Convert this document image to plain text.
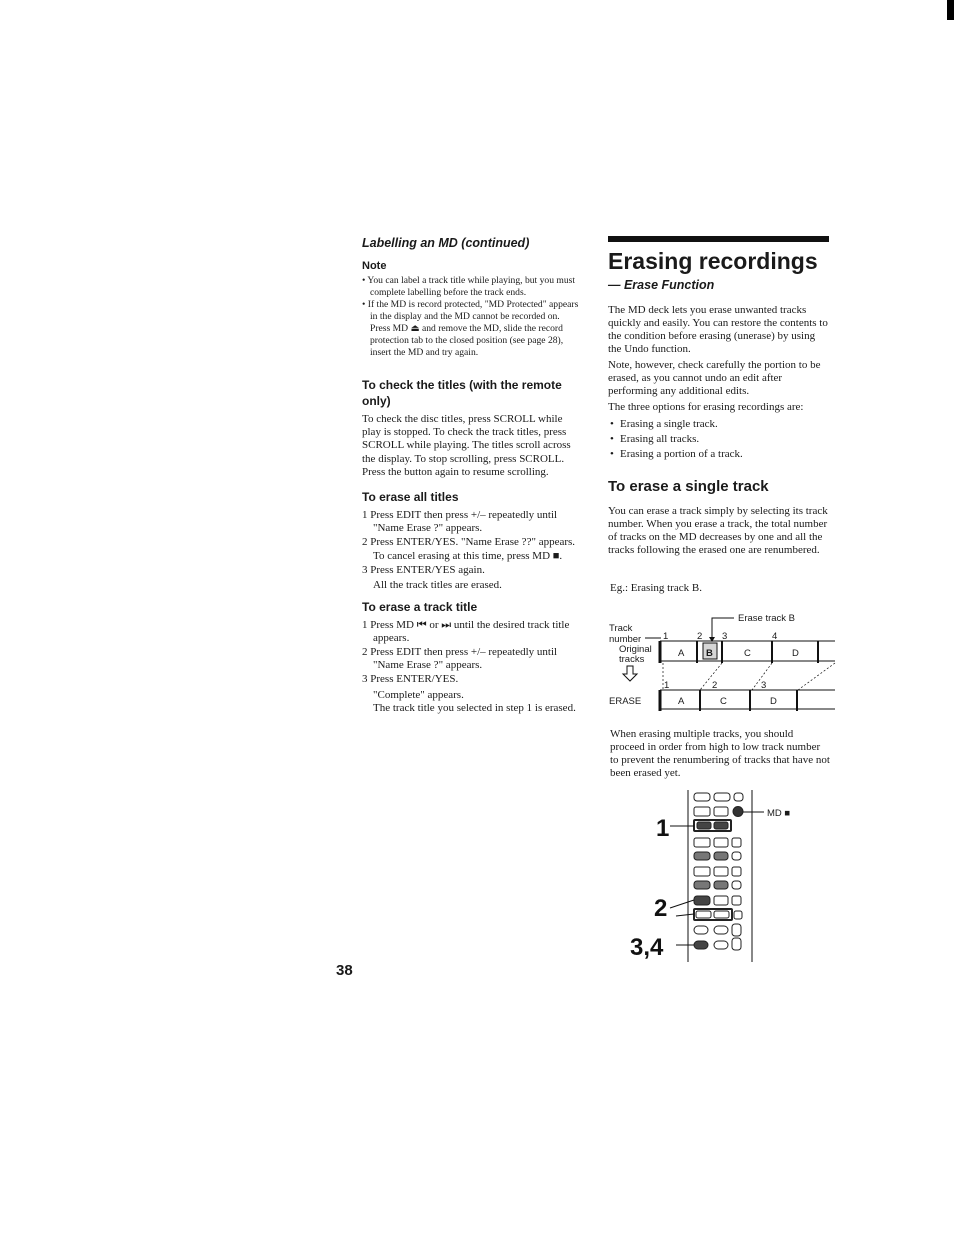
Labelling an MD (continued)

Note

• You can label a track title while playing, but you must complete labelling before the track ends.

• If the MD is record protected, "MD Protected" appears in the display and the MD cannot be recorded on.

Press MD ⏏ and remove the MD, slide the record protection tab to the closed position (see page 28), insert the MD and try again.

To check the titles (with the remote only)

To check the disc titles, press SCROLL while play is stopped. To check the track titles, press SCROLL while playing. The titles scroll across the display. To stop scrolling, press SCROLL. Press the button again to resume scrolling.

To erase all titles

1 Press EDIT then press +/– repeatedly until "Name Erase ?" appears.

2 Press ENTER/YES. "Name Erase ??" appears. To cancel erasing at this time, press MD ■.

3 Press ENTER/YES again.

All the track titles are erased.

To erase a track title

1 Press MD ⏮ or ⏭ until the desired track title appears.

2 Press EDIT then press +/– repeatedly until "Name Erase ?" appears.

3 Press ENTER/YES.

"Complete" appears.

The track title you selected in step 1 is erased.

Erasing recordings

— Erase Function

The MD deck lets you erase unwanted tracks quickly and easily. You can restore the contents to the condition before erasing (unerase) by using the Undo function.

Note, however, check carefully the portion to be erased, as you cannot undo an edit after performing any additional edits.

The three options for erasing recordings are:

• Erasing a single track.

• Erasing all tracks.

• Erasing a portion of a track.

To erase a single track

You can erase a track simply by selecting its track number. When you erase a track, the total number of tracks on the MD decreases by one and all the tracks following the erased one are renumbered.

Eg.: Erasing track B.
Erase track B
Track
number
Original
tracks
1	2 3	4
A B	C	D
1	2	3
ERASE	A	C	D
When erasing multiple tracks, you should proceed in order from high to low track number to prevent the renumbering of tracks that have not been erased yet.
1
2
3,4
MD ■
38
